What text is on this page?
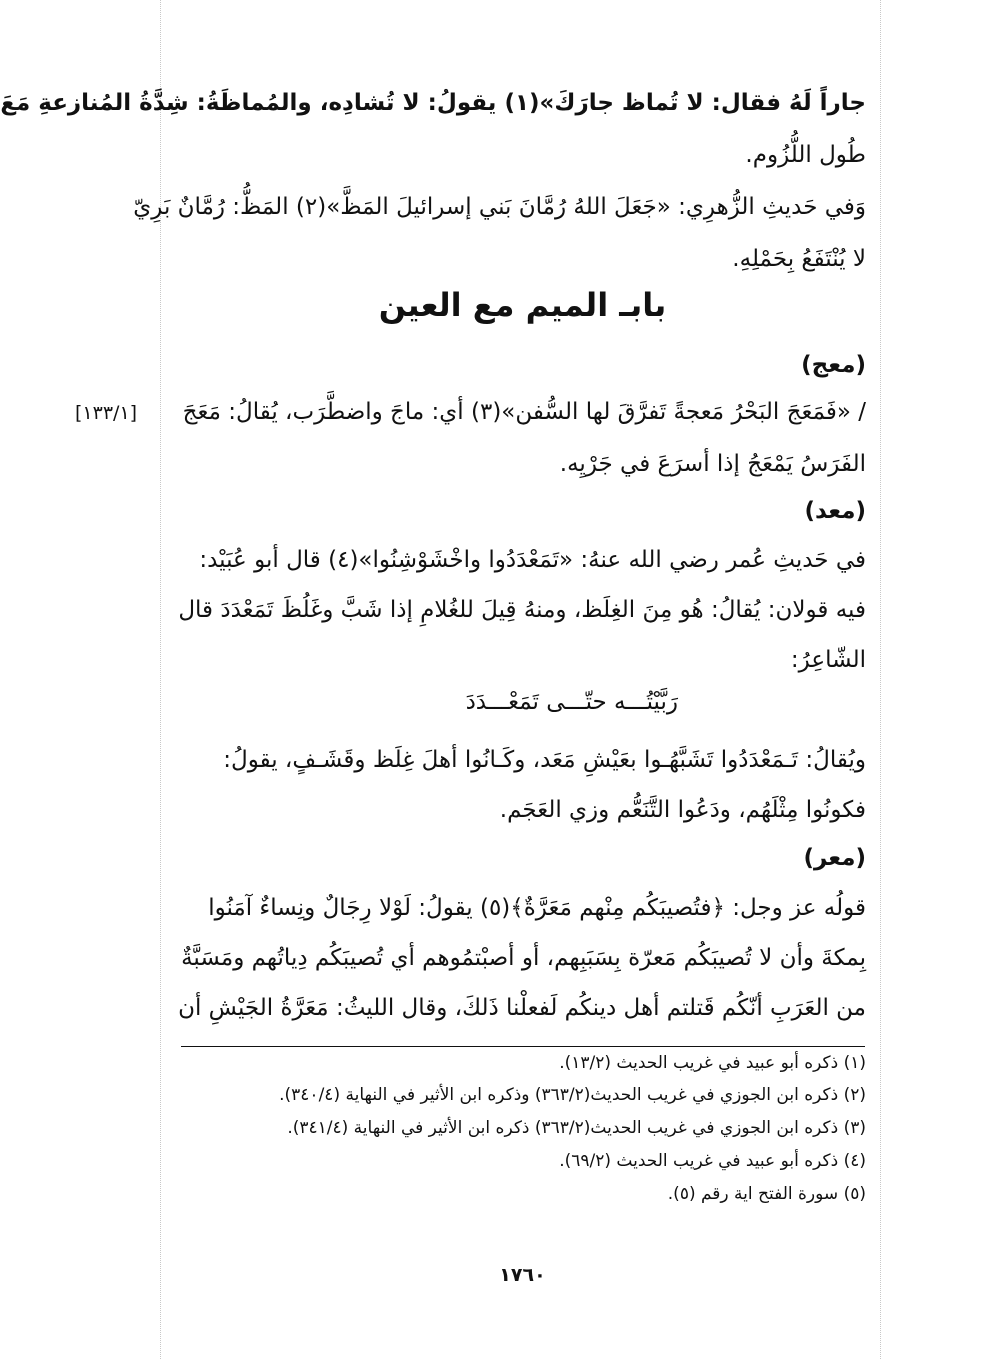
جاراً لَهُ فقال: لا تُماظ جارَكَ»(١) يقولُ: لا تُشادِه، والمُماظَةُ: شِدَّةُ المُنازعةِ مَعَ
طُول اللُّزُوم.
وَفي حَديثِ الزُّهرِي: «جَعَلَ اللهُ رُمَّانَ بَني إسرائيلَ المَظَّ»(٢) المَظُّ: رُمَّانٌ بَرِيّ
لا يُنْتَفَعُ بِحَمْلِهِ.
بابـ الميم مع العين
(معج)
[١٣٣/١] / «فَمَعَجَ البَحْرُ مَعجةً تَفرَّقَ لها السُّفن»(٣) أي: ماجَ واضطَّرَب، يُقالُ: مَعَجَ
الفَرَسُ يَمْعَجُ إذا أسرَعَ في جَرْيِه.
(معد)
في حَديثِ عُمر رضي الله عنهُ: «تَمَعْدَدُوا واخْشَوْشِنُوا»(٤) قال أبو عُبَيْد:
فيه قولان: يُقالُ: هُو مِنَ الغِلَظ، ومنهُ قِيلَ للغُلامِ إذا شَبَّ وغَلُظَ تَمَعْدَدَ قال
الشّاعِرُ:
رَبَّيْتُـــه حتّـــى تَمَعْـــدَدَ
ويُقالُ: تَـمَعْدَدُوا تَشَبَّهُـوا بعَيْشِ مَعَد، وكَـانُوا أهلَ غِلَظ وقَشَـفٍ، يقولُ:
فكونُوا مِثْلَهُم، ودَعُوا التَّنَعُّم وزي العَجَم.
(معر)
قولُه عز وجل: ﴿فتُصيبَكُم مِنْهم مَعَرَّةٌ﴾(٥) يقولُ: لَوْلا رِجَالٌ ونِساءٌ آمَنُوا
بِمكةَ وأن لا تُصيبَكُم مَعرّة بِسَبَبِهم، أو أصبْتمُوهم أي تُصيبَكُم دِياتُهم ومَسَبَّةٌ
من العَرَبِ أنّكُم قَتلتم أهل دينكُم لَفعلْنا ذَلكَ، وقال الليثُ: مَعَرَّةُ الجَيْشِ أن
(١) ذكره أبو عبيد في غريب الحديث (١٣/٢).
(٢) ذكره ابن الجوزي في غريب الحديث(٣٦٣/٢) وذكره ابن الأثير في النهاية (٣٤٠/٤).
(٣) ذكره ابن الجوزي في غريب الحديث(٣٦٣/٢) ذكره ابن الأثير في النهاية (٣٤١/٤).
(٤) ذكره أبو عبيد في غريب الحديث (٦٩/٢).
(٥) سورة الفتح اية رقم (٥).
١٧٦٠
